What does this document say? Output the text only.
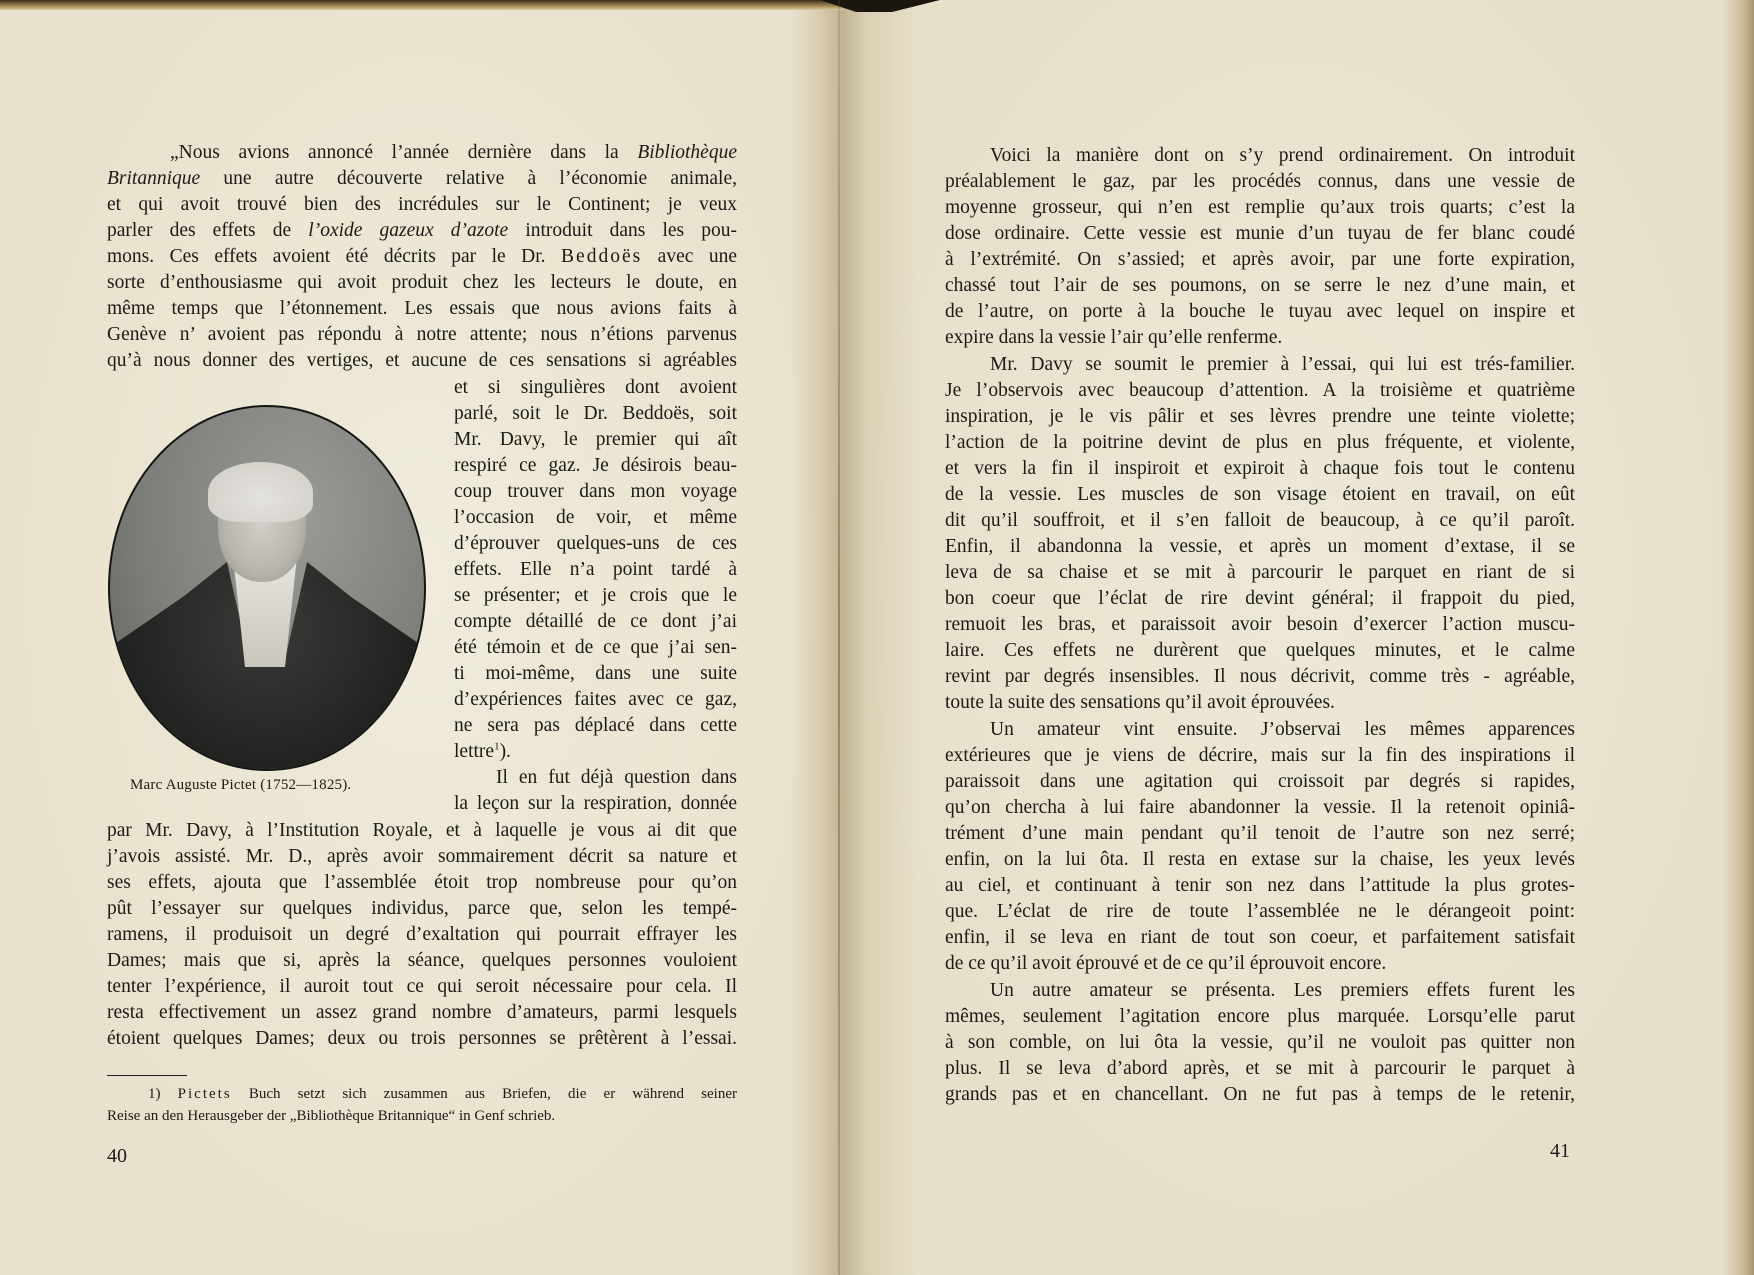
„Nous avions annoncé l’année dernière dans la Bibliothèque
Britannique une autre découverte relative à l’économie animale,
et qui avoit trouvé bien des incrédules sur le Continent; je veux
parler des effets de l’oxide gazeux d’azote introduit dans les pou-
mons. Ces effets avoient été décrits par le Dr. Beddoës avec une
sorte d’enthousiasme qui avoit produit chez les lecteurs le doute, en
même temps que l’étonnement. Les essais que nous avions faits à
Genève n’ avoient pas répondu à notre attente; nous n’étions parvenus
qu’à nous donner des vertiges, et aucune de ces sensations si agréables
et si singulières dont avoient
parlé, soit le Dr. Beddoës, soit
Mr. Davy, le premier qui aît
respiré ce gaz. Je désirois beau-
coup trouver dans mon voyage
l’occasion de voir, et même
d’éprouver quelques-uns de ces
effets. Elle n’a point tardé à
se présenter; et je crois que le
compte détaillé de ce dont j’ai
été témoin et de ce que j’ai sen-
ti moi-même, dans une suite
d’expériences faites avec ce gaz,
ne sera pas déplacé dans cette
lettre$^1$).
Il en fut déjà question dans
la leçon sur la respiration, donnée
Marc Auguste Pictet (1752—1825).
par Mr. Davy, à l’Institution Royale, et à laquelle je vous ai dit que
j’avois assisté. Mr. D., après avoir sommairement décrit sa nature et
ses effets, ajouta que l’assemblée étoit trop nombreuse pour qu’on
pût l’essayer sur quelques individus, parce que, selon les tempé-
ramens, il produisoit un degré d’exaltation qui pourrait effrayer les
Dames; mais que si, après la séance, quelques personnes vouloient
tenter l’expérience, il auroit tout ce qui seroit nécessaire pour cela. Il
resta effectivement un assez grand nombre d’amateurs, parmi lesquels
étoient quelques Dames; deux ou trois personnes se prêtèrent à l’essai.
1) Pictets Buch setzt sich zusammen aus Briefen, die er während seiner
Reise an den Herausgeber der „Bibliothèque Britannique“ in Genf schrieb.
40
Voici la manière dont on s’y prend ordinairement. On introduit
préalablement le gaz, par les procédés connus, dans une vessie de
moyenne grosseur, qui n’en est remplie qu’aux trois quarts; c’est la
dose ordinaire. Cette vessie est munie d’un tuyau de fer blanc coudé
à l’extrémité. On s’assied; et après avoir, par une forte expiration,
chassé tout l’air de ses poumons, on se serre le nez d’une main, et
de l’autre, on porte à la bouche le tuyau avec lequel on inspire et
expire dans la vessie l’air qu’elle renferme.
Mr. Davy se soumit le premier à l’essai, qui lui est trés-familier.
Je l’observois avec beaucoup d’attention. A la troisième et quatrième
inspiration, je le vis pâlir et ses lèvres prendre une teinte violette;
l’action de la poitrine devint de plus en plus fréquente, et violente,
et vers la fin il inspiroit et expiroit à chaque fois tout le contenu
de la vessie. Les muscles de son visage étoient en travail, on eût
dit qu’il souffroit, et il s’en falloit de beaucoup, à ce qu’il paroît.
Enfin, il abandonna la vessie, et après un moment d’extase, il se
leva de sa chaise et se mit à parcourir le parquet en riant de si
bon coeur que l’éclat de rire devint général; il frappoit du pied,
remuoit les bras, et paraissoit avoir besoin d’exercer l’action muscu-
laire. Ces effets ne durèrent que quelques minutes, et le calme
revint par degrés insensibles. Il nous décrivit, comme très - agréable,
toute la suite des sensations qu’il avoit éprouvées.
Un amateur vint ensuite. J’observai les mêmes apparences
extérieures que je viens de décrire, mais sur la fin des inspirations il
paraissoit dans une agitation qui croissoit par degrés si rapides,
qu’on chercha à lui faire abandonner la vessie. Il la retenoit opiniâ-
trément d’une main pendant qu’il tenoit de l’autre son nez serré;
enfin, on la lui ôta. Il resta en extase sur la chaise, les yeux levés
au ciel, et continuant à tenir son nez dans l’attitude la plus grotes-
que. L’éclat de rire de toute l’assemblée ne le dérangeoit point:
enfin, il se leva en riant de tout son coeur, et parfaitement satisfait
de ce qu’il avoit éprouvé et de ce qu’il éprouvoit encore.
Un autre amateur se présenta. Les premiers effets furent les
mêmes, seulement l’agitation encore plus marquée. Lorsqu’elle parut
à son comble, on lui ôta la vessie, qu’il ne vouloit pas quitter non
plus. Il se leva d’abord après, et se mit à parcourir le parquet à
grands pas et en chancellant. On ne fut pas à temps de le retenir,
41
